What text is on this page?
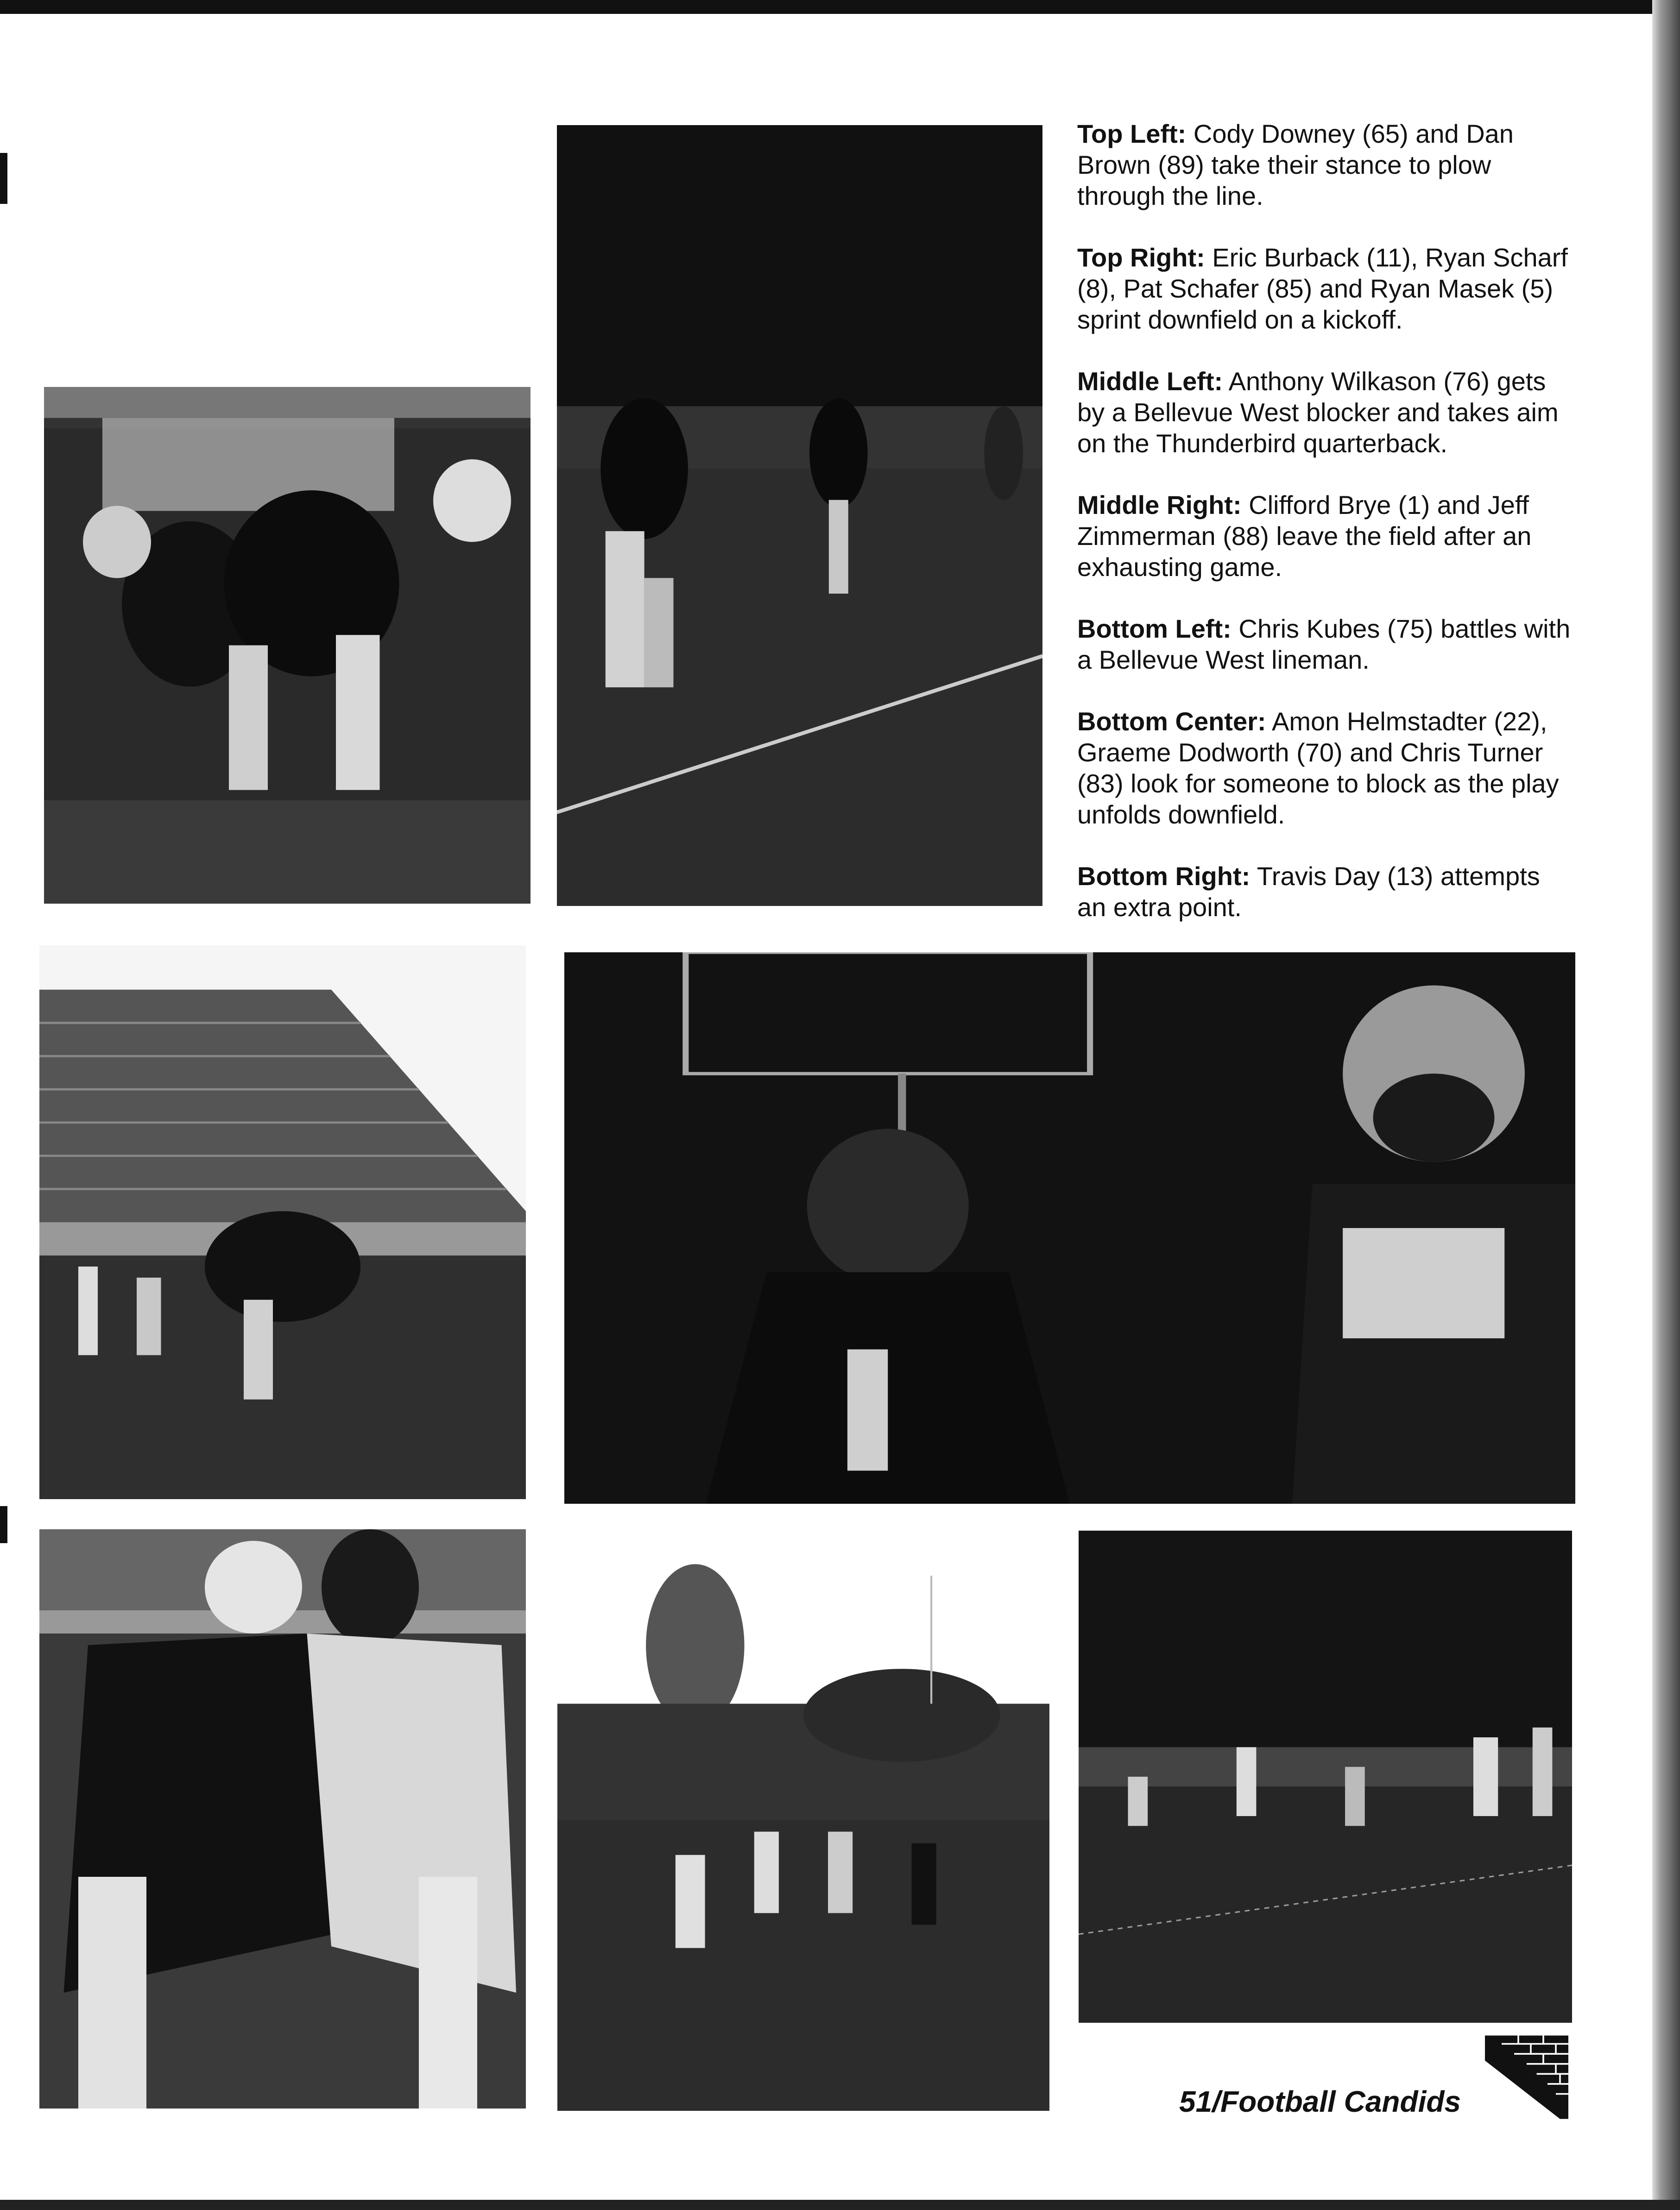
Top Left: Cody Downey (65) and Dan Brown (89) take their stance to plow through the line.

Top Right: Eric Burback (11), Ryan Scharf (8), Pat Schafer (85) and Ryan Masek (5) sprint downfield on a kickoff.

Middle Left: Anthony Wilkason (76) gets by a Bellevue West blocker and takes aim on the Thunderbird quarterback.

Middle Right: Clifford Brye (1) and Jeff Zimmerman (88) leave the field after an exhausting game.

Bottom Left: Chris Kubes (75) battles with a Bellevue West lineman.

Bottom Center: Amon Helmstadter (22), Graeme Dodworth (70) and Chris Turner (83) look for someone to block as the play unfolds downfield.

Bottom Right: Travis Day (13) attempts an extra point.

51/Football Candids
